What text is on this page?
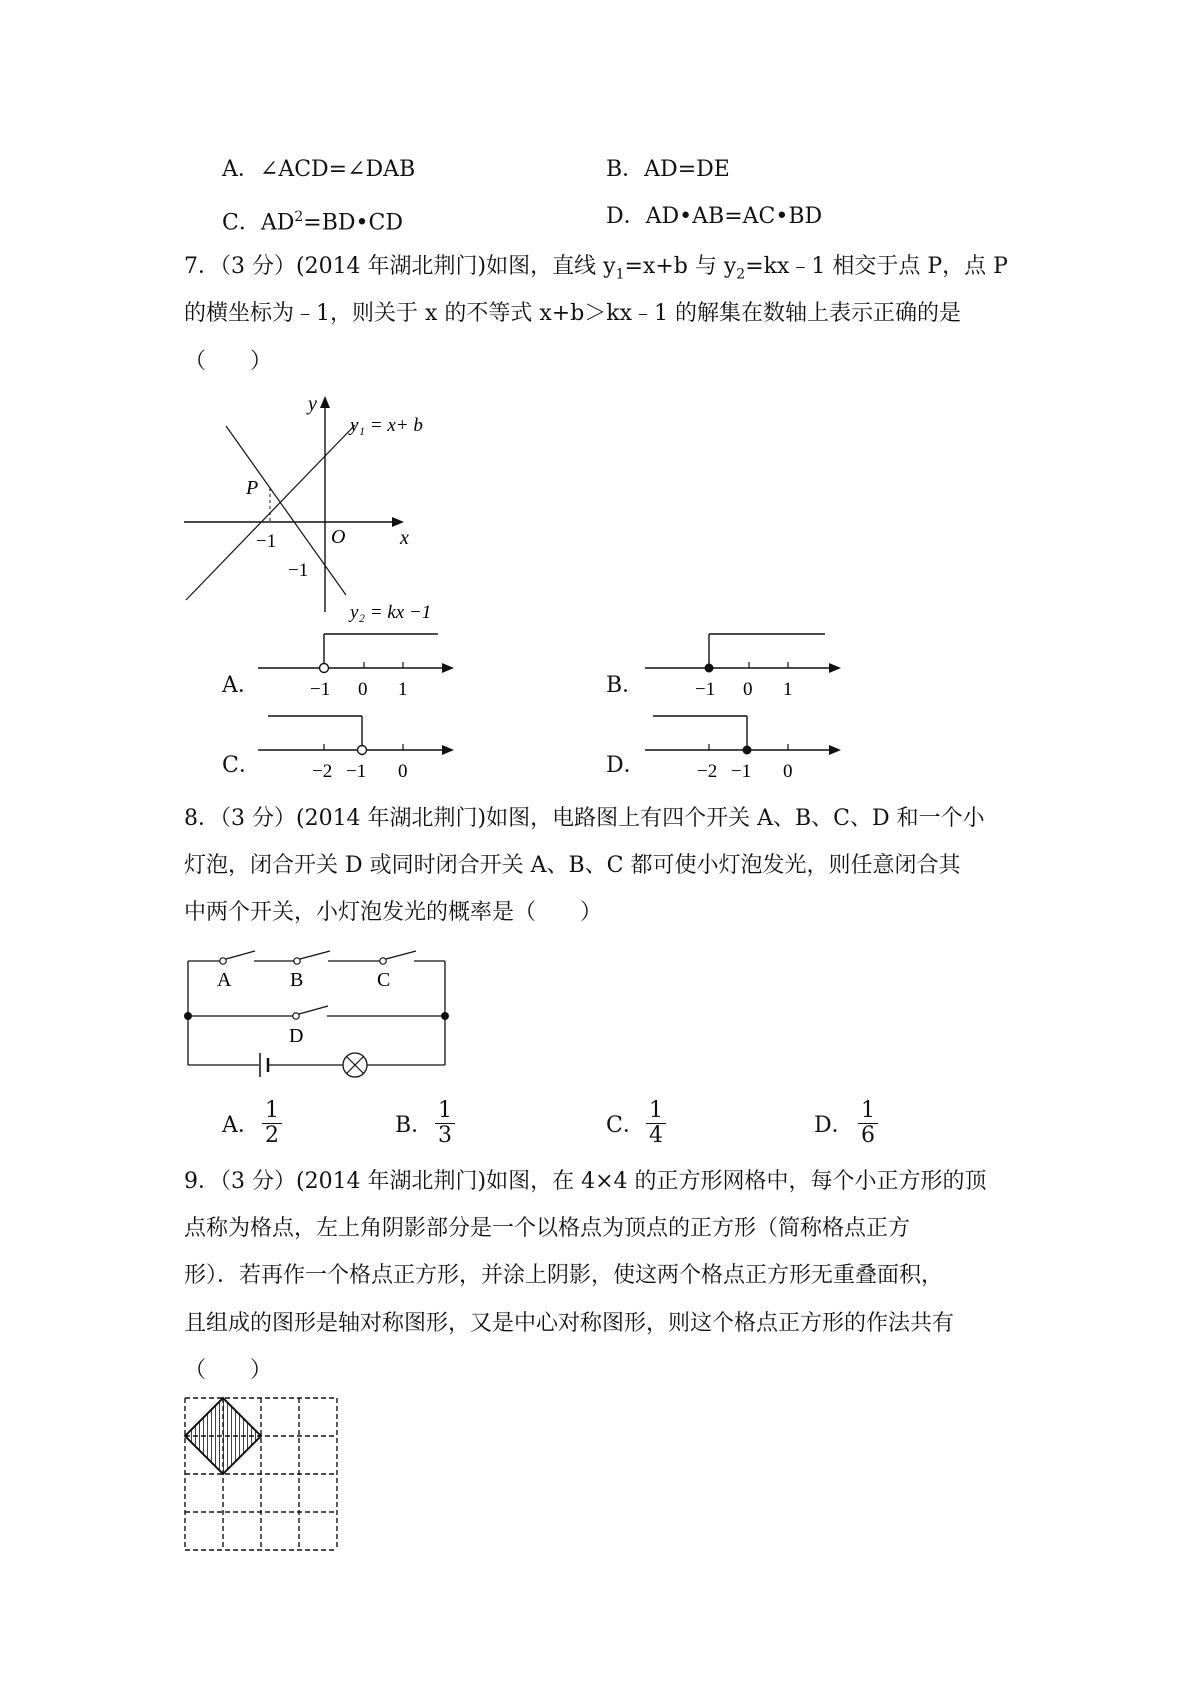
A．∠ACD=∠DAB	B．AD=DE
C．$AD^2=BD•CD$	D．AD•AB=AC•BD
7．（3 分）(2014 年湖北荆门)如图，直线 $y_1=x+b$ 与 $y_2=kx﹣1$ 相交于点 P，点 P
的横坐标为﹣1，则关于 x 的不等式 x+b＞kx﹣1 的解集在数轴上表示正确的是
（　　）
y
x
O
P
−1
−1
y₁ = x+ b
y₂ = kx −1
A．	−1 0 1	B．	−1 0 1
C．	−2 −1 0	D．	−2 −1 0
8．（3 分）(2014 年湖北荆门)如图，电路图上有四个开关 A、B、C、D 和一个小
灯泡，闭合开关 D 或同时闭合开关 A、B、C 都可使小灯泡发光，则任意闭合其
中两个开关，小灯泡发光的概率是（　　）
A	B	C
D
A． $\frac{1}{2}$	B． $\frac{1}{3}$	C． $\frac{1}{4}$	D． $\frac{1}{6}$
9．（3 分）(2014 年湖北荆门)如图，在 4×4 的正方形网格中，每个小正方形的顶
点称为格点，左上角阴影部分是一个以格点为顶点的正方形（简称格点正方
形）．若再作一个格点正方形，并涂上阴影，使这两个格点正方形无重叠面积，
且组成的图形是轴对称图形，又是中心对称图形，则这个格点正方形的作法共有
（　　）
